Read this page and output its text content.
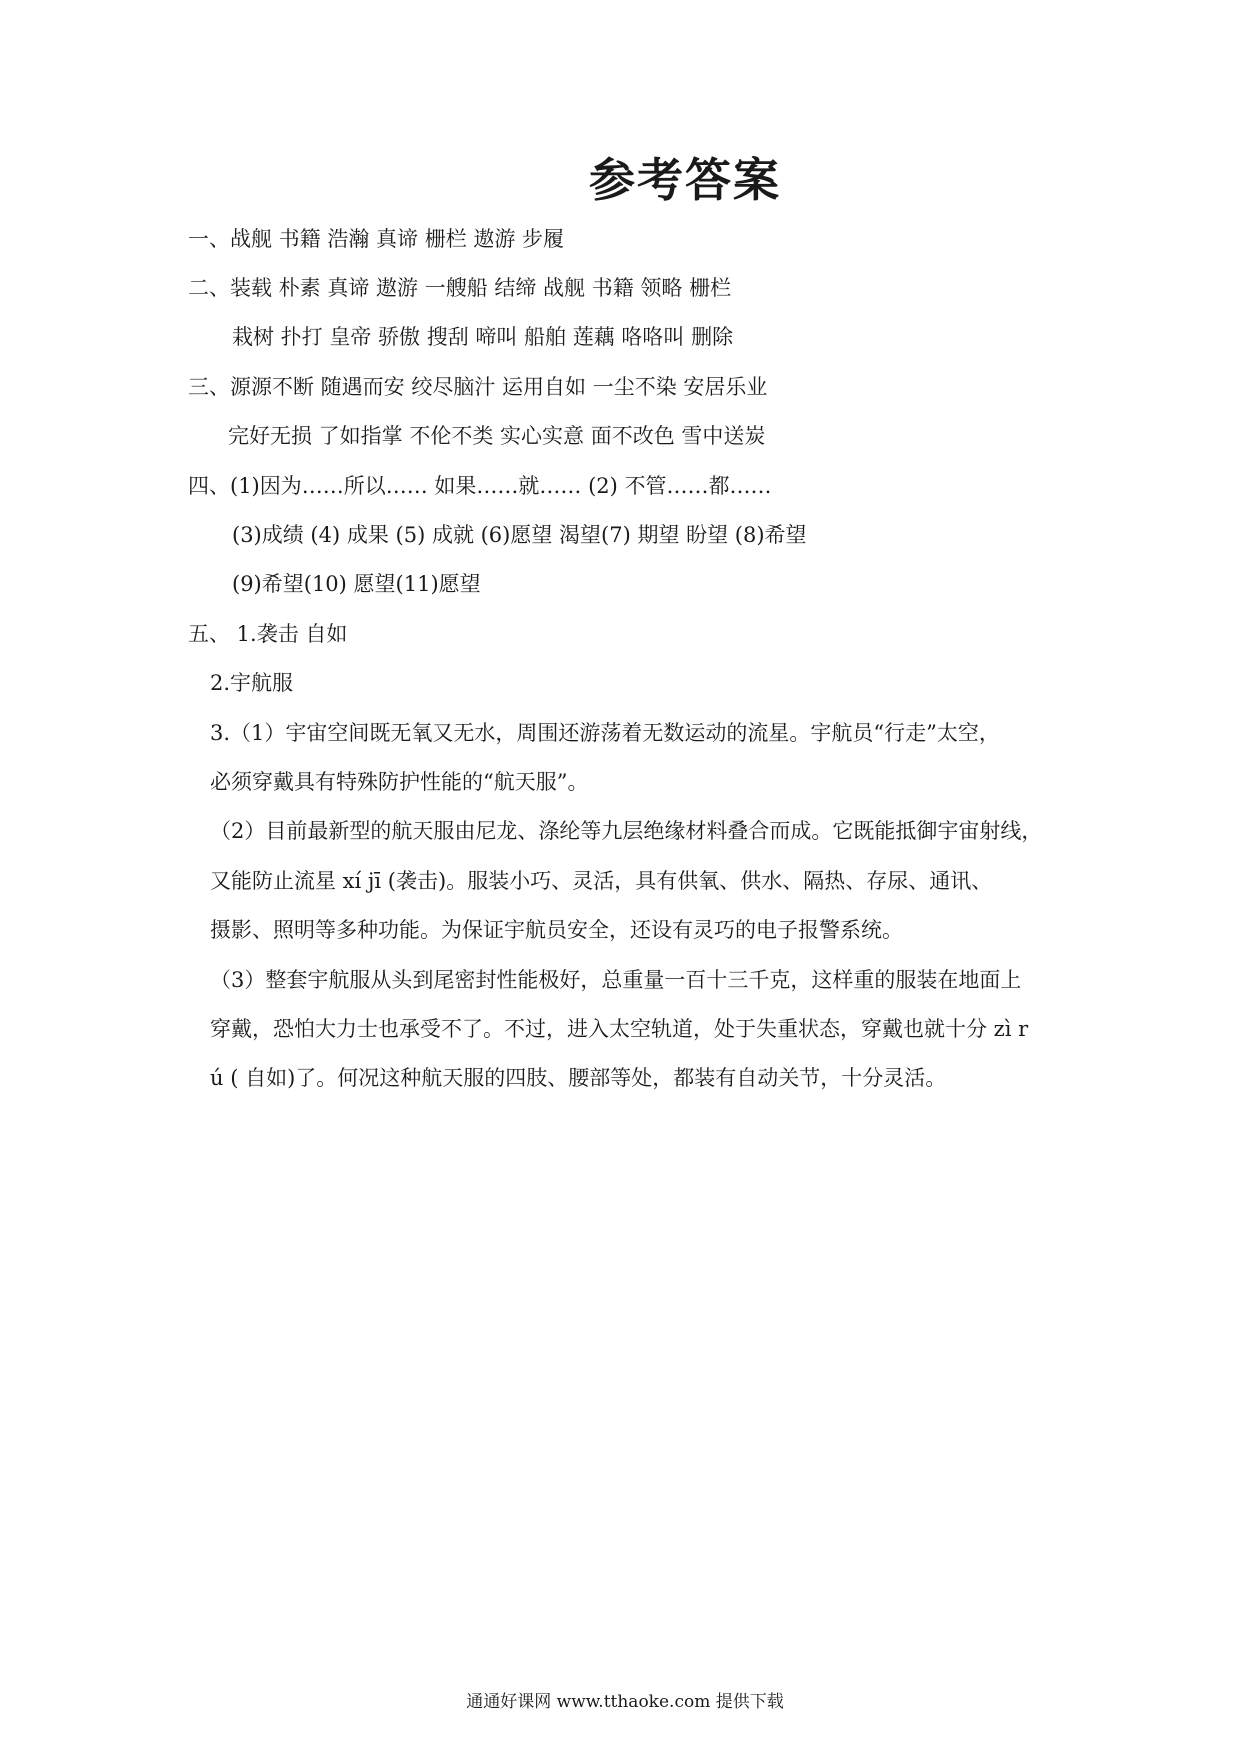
参考答案
一、战舰 书籍 浩瀚 真谛 栅栏 遨游 步履
二、装载 朴素 真谛 遨游 一艘船 结缔 战舰 书籍 领略 栅栏
栽树 扑打 皇帝 骄傲 搜刮 啼叫 船舶 莲藕 咯咯叫 删除
三、源源不断 随遇而安 绞尽脑汁 运用自如 一尘不染 安居乐业
完好无损 了如指掌 不伦不类 实心实意 面不改色 雪中送炭
四、(1)因为……所以…… 如果……就…… (2) 不管……都……
(3)成绩 (4) 成果 (5) 成就 (6)愿望 渴望(7) 期望 盼望 (8)希望
(9)希望(10) 愿望(11)愿望
五、 1.袭击 自如
2.宇航服
3.（1）宇宙空间既无氧又无水，周围还游荡着无数运动的流星。宇航员“行走”太空，
必须穿戴具有特殊防护性能的“航天服”。
（2）目前最新型的航天服由尼龙、涤纶等九层绝缘材料叠合而成。它既能抵御宇宙射线，
又能防止流星 xí jī (袭击)。服装小巧、灵活，具有供氧、供水、隔热、存尿、通讯、
摄影、照明等多种功能。为保证宇航员安全，还设有灵巧的电子报警系统。
（3）整套宇航服从头到尾密封性能极好，总重量一百十三千克，这样重的服装在地面上
穿戴，恐怕大力士也承受不了。不过，进入太空轨道，处于失重状态，穿戴也就十分 zì r
ú ( 自如)了。何况这种航天服的四肢、腰部等处，都装有自动关节，十分灵活。
通通好课网 www.tthaoke.com 提供下载
